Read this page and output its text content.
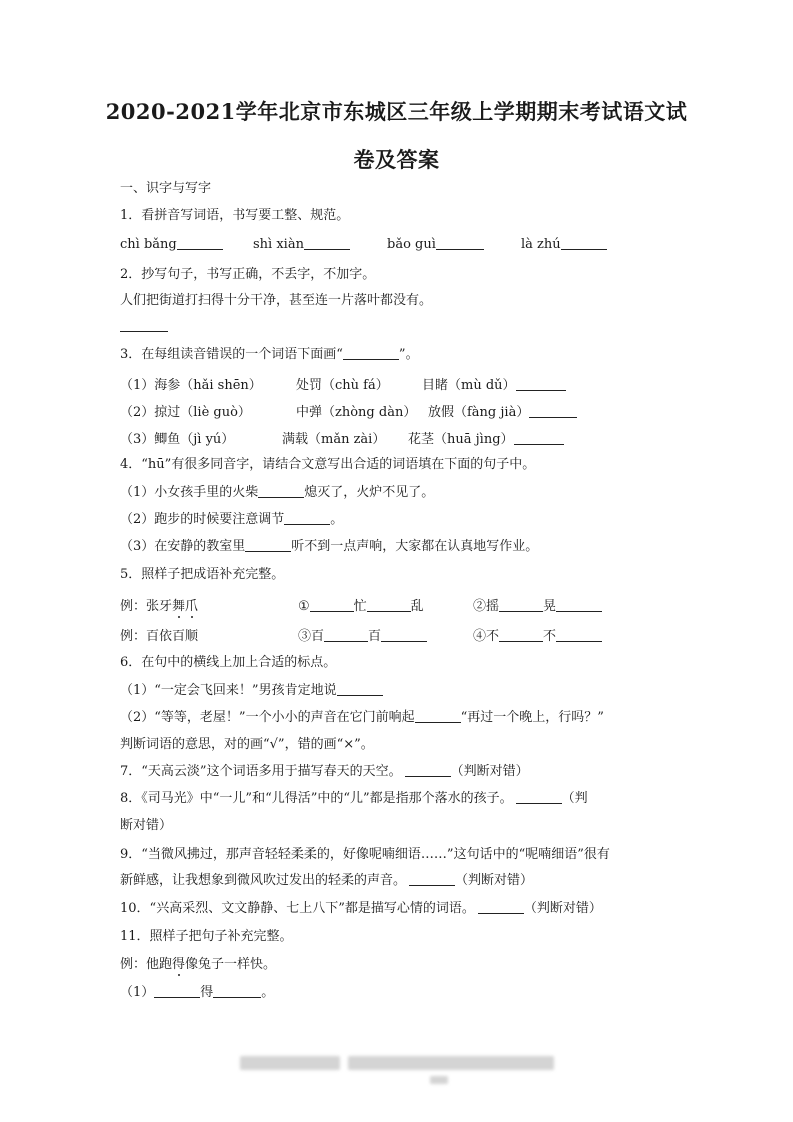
2020-2021学年北京市东城区三年级上学期期末考试语文试
卷及答案
一、识字与写字
1．看拼音写词语，书写要工整、规范。
chì bǎng	shì xiàn	bǎo guì	là zhú
2．抄写句子，书写正确，不丢字，不加字。
人们把街道打扫得十分干净，甚至连一片落叶都没有。
3．在每组读音错误的一个词语下面画“	”。
（1）海参（hǎi shēn）	处罚（chù fá）	目睹（mù dǔ）
（2）掠过（liè guò）	中弹（zhòng dàn） 放假（fàng jià）
（3）鲫鱼（jì yú）	满载（mǎn zài） 花茎（huā jìng）
4．“hū”有很多同音字，请结合文意写出合适的词语填在下面的句子中。
（1）小女孩手里的火柴	熄灭了，火炉不见了。
（2）跑步的时候要注意调节	。
（3）在安静的教室里	听不到一点声响，大家都在认真地写作业。
5．照样子把成语补充完整。
例：张牙舞爪	①	忙	乱	②摇	晃
例：百依百顺	③百	百	④不	不
6．在句中的横线上加上合适的标点。
（1）“一定会飞回来！”男孩肯定地说
（2）“等等，老屋！”一个小小的声音在它门前响起	“再过一个晚上，行吗？”
判断词语的意思，对的画“√”，错的画“×”。
7．“天高云淡”这个词语多用于描写春天的天空。	（判断对错）
8．《司马光》中“一儿”和“儿得活”中的“儿”都是指那个落水的孩子。	（判
断对错）
9．“当微风拂过，那声音轻轻柔柔的，好像呢喃细语……”这句话中的“呢喃细语”很有
新鲜感，让我想象到微风吹过发出的轻柔的声音。	（判断对错）
10．“兴高采烈、文文静静、七上八下”都是描写心情的词语。	（判断对错）
11．照样子把句子补充完整。
例：他跑得像兔子一样快。
（1）	得	。
